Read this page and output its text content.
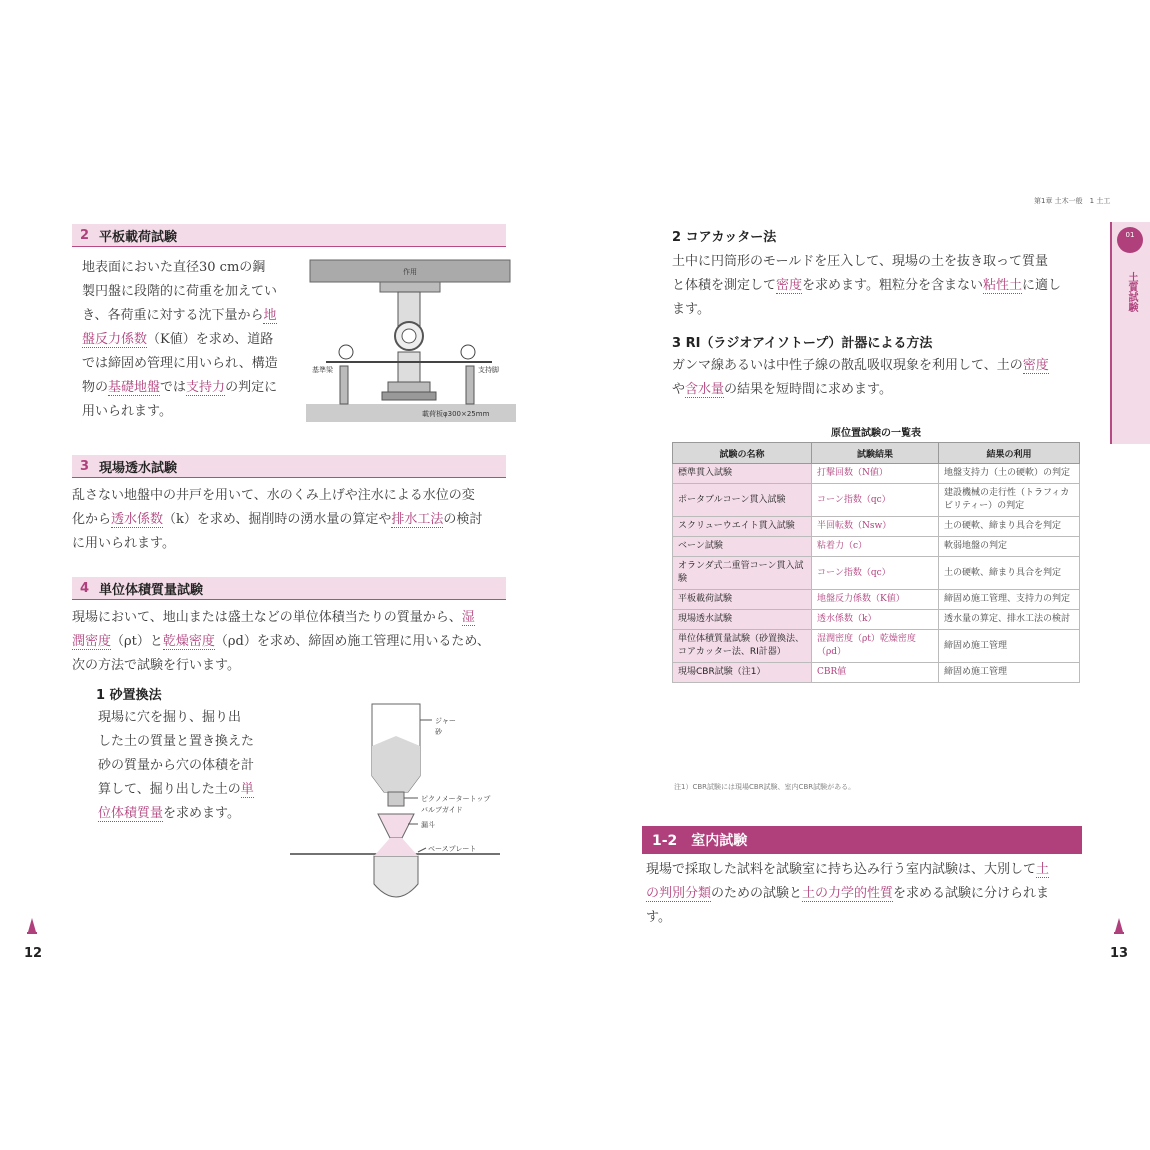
2 平板載荷試験
地表面においた直径30 cmの鋼
製円盤に段階的に荷重を加えてい
き、各荷重に対する沈下量から地
盤反力係数（K値）を求め、道路
では締固め管理に用いられ、構造
物の基礎地盤では支持力の判定に
用いられます。
作用
基準梁	支持脚
載荷板φ300×25mm
3 現場透水試験
乱さない地盤中の井戸を用いて、水のくみ上げや注水による水位の変
化から透水係数（k）を求め、掘削時の湧水量の算定や排水工法の検討
に用いられます。
4 単位体積質量試験
現場において、地山または盛土などの単位体積当たりの質量から、湿
潤密度（ρt）と乾燥密度（ρd）を求め、締固め施工管理に用いるため、
次の方法で試験を行います。
1 砂置換法
現場に穴を掘り、掘り出
した土の質量と置き換えた
砂の質量から穴の体積を計
算して、掘り出した土の単
位体積質量を求めます。
ジャー
砂
ピクノメータートップ
バルブガイド
漏斗
ベースプレート
12
第1章 土木一般　1 土工
01
土質試験
2 コアカッター法
土中に円筒形のモールドを圧入して、現場の土を抜き取って質量
と体積を測定して密度を求めます。粗粒分を含まない粘性土に適し
ます。
3 RI（ラジオアイソトープ）計器による方法
ガンマ線あるいは中性子線の散乱吸収現象を利用して、土の密度
や含水量の結果を短時間に求めます。
原位置試験の一覧表
試験の名称	試験結果	結果の利用
標準貫入試験	打撃回数（N値）	地盤支持力（土の硬軟）の判定
ポータブルコーン貫入試験	コーン指数（qc）	建設機械の走行性（トラフィカビリティー）の判定
スクリューウエイト貫入試験	半回転数（Nsw）	土の硬軟、締まり具合を判定
ベーン試験	粘着力（c）	軟弱地盤の判定
オランダ式二重管コーン貫入試験	コーン指数（qc）	土の硬軟、締まり具合を判定
平板載荷試験	地盤反力係数（K値）	締固め施工管理、支持力の判定
現場透水試験	透水係数（k）	透水量の算定、排水工法の検討
単位体積質量試験（砂置換法、コアカッター法、RI計器）	湿潤密度（ρt）乾燥密度（ρd）	締固め施工管理
現場CBR試験（注1）	CBR値	締固め施工管理
注1）CBR試験には現場CBR試験、室内CBR試験がある。
1-2　室内試験
現場で採取した試料を試験室に持ち込み行う室内試験は、大別して土
の判別分類のための試験と土の力学的性質を求める試験に分けられま
す。
13
